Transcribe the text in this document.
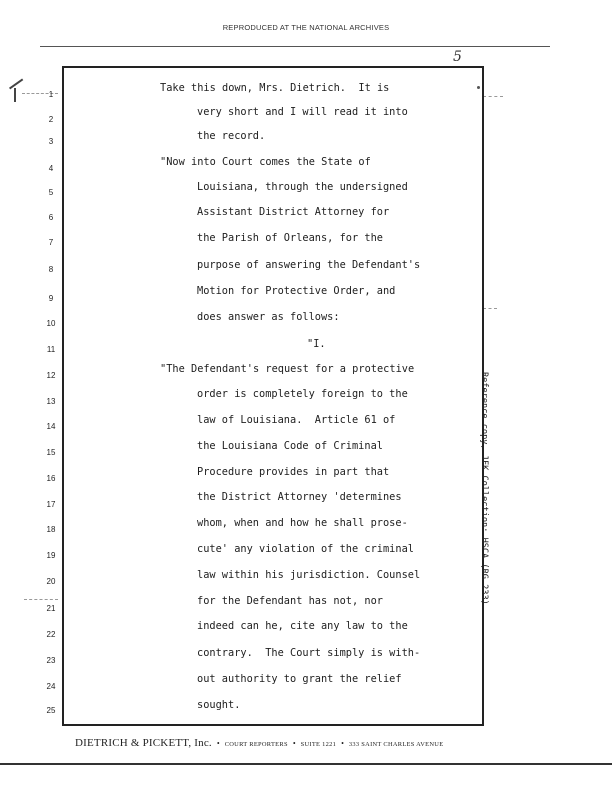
REPRODUCED AT THE NATIONAL ARCHIVES
5
1
2
3
4
5
6
7
8
9
10
11
12
13
14
15
16
17
18
19
20
21
22
23
24
25
Take this down, Mrs. Dietrich.  It is
very short and I will read it into
the record.
"Now into Court comes the State of
Louisiana, through the undersigned
Assistant District Attorney for
the Parish of Orleans, for the
purpose of answering the Defendant's
Motion for Protective Order, and
does answer as follows:
"I.
"The Defendant's request for a protective
order is completely foreign to the
law of Louisiana.  Article 61 of
the Louisiana Code of Criminal
Procedure provides in part that
the District Attorney 'determines
whom, when and how he shall prose-
cute' any violation of the criminal
law within his jurisdiction. Counsel
for the Defendant has not, nor
indeed can he, cite any law to the
contrary.  The Court simply is with-
out authority to grant the relief
sought.
Reference copy, JFK Collection: HSCA (RG 233)
DIETRICH & PICKETT, Inc. • COURT REPORTERS • SUITE 1221 • 333 SAINT CHARLES AVENUE
